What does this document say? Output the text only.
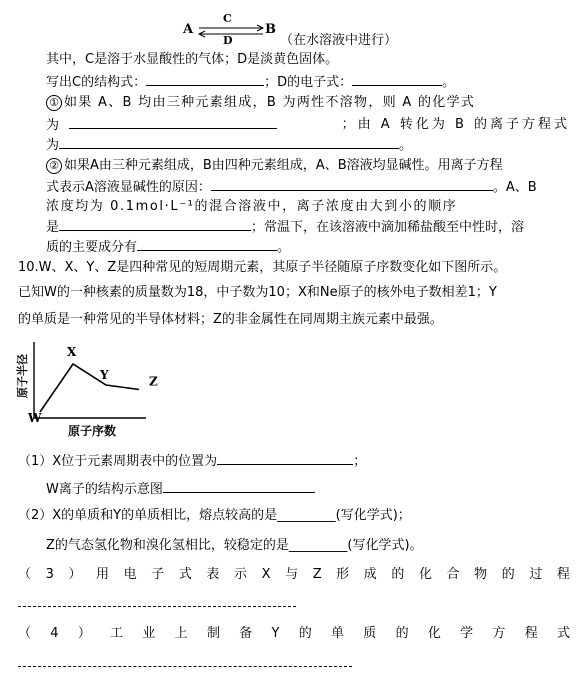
A
C
D
B
（在水溶液中进行）
其中，C是溶于水显酸性的气体；D是淡黄色固体。
写出C的结构式：	；D的电子式：	。
① 如果 A、B 均由三种元素组成，B 为两性不溶物，则 A 的化学式
为	；由 A 转化为 B 的离子方程式
为	。
② 如果A由三种元素组成，B由四种元素组成，A、B溶液均显碱性。用离子方程
式表示A溶液显碱性的原因：	。A、B
浓度均为 0.1mol·L⁻¹的混合溶液中，离子浓度由大到小的顺序
是	；常温下，在该溶液中滴加稀盐酸至中性时，溶
质的主要成分有	。
10.W、X、Y、Z是四种常见的短周期元素，其原子半径随原子序数变化如下图所示。
已知W的一种核素的质量数为18，中子数为10；X和Ne原子的核外电子数相差1；Y
的单质是一种常见的半导体材料；Z的非金属性在同周期主族元素中最强。
W
X
Y	Z
原子半径
原子序数
（1）X位于元素周期表中的位置为	；
W离子的结构示意图
（2）X的单质和Y的单质相比，熔点较高的是_________(写化学式)；
Z的气态氢化物和溴化氢相比，较稳定的是_________(写化学式)。
（ 3 ） 用 电 子 式 表 示 X 与 Z 形 成 的 化 合 物 的 过 程
（ 4 ） 工 业 上 制 备 Y 的 单 质 的 化 学 方 程 式
